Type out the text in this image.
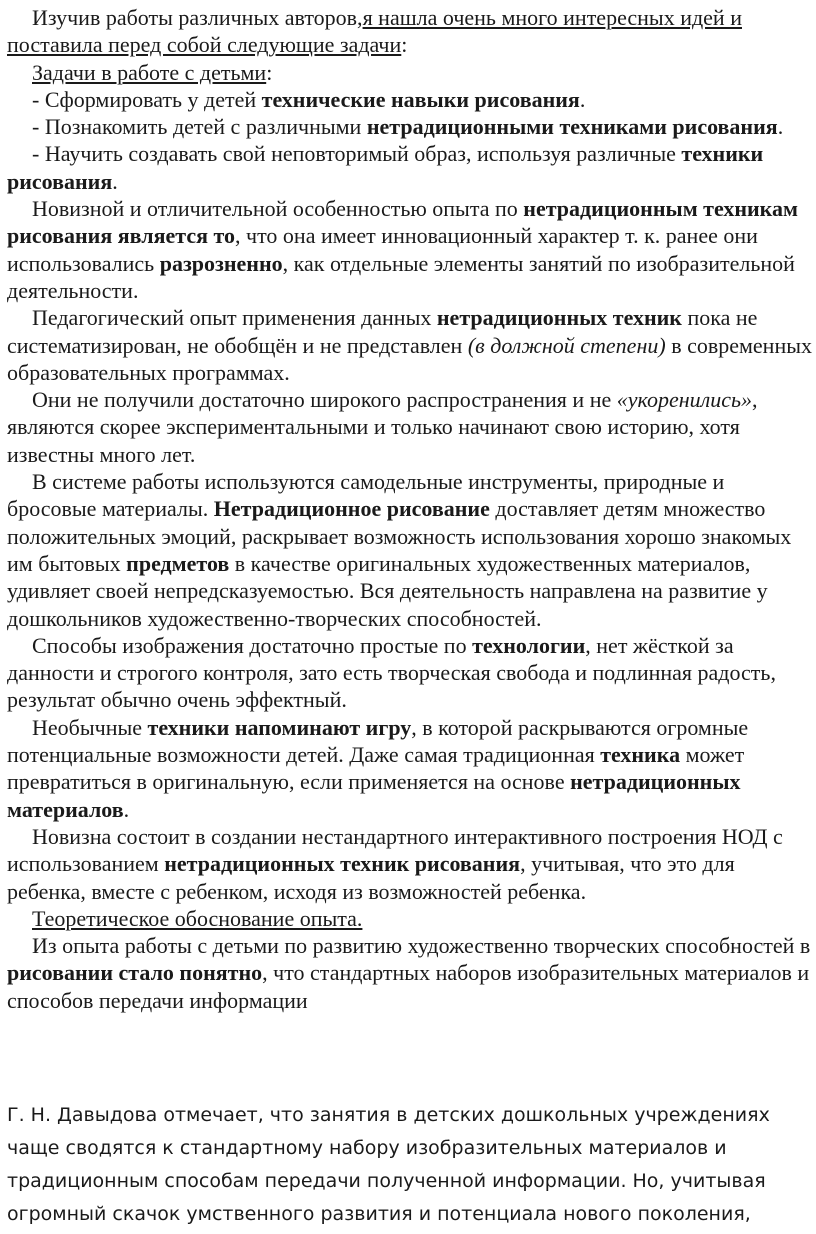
Изучив работы различных авторов,я нашла очень много интересных идей и поставила перед собой следующие задачи:

Задачи в работе с детьми:

- Сформировать у детей технические навыки рисования.

- Познакомить детей с различными нетрадиционными техниками рисования.

- Научить создавать свой неповторимый образ, используя различные техники рисования.

Новизной и отличительной особенностью опыта по нетрадиционным техникам рисования является то, что она имеет инновационный характер т. к. ранее они использовались разрозненно, как отдельные элементы занятий по изобразительной деятельности.

Педагогический опыт применения данных нетрадиционных техник пока не систематизирован, не обобщён и не представлен (в должной степени) в современных образовательных программах.

Они не получили достаточно широкого распространения и не «укоренились», являются скорее экспериментальными и только начинают свою историю, хотя известны много лет.

В системе работы используются самодельные инструменты, природные и бросовые материалы. Нетрадиционное рисование доставляет детям множество положительных эмоций, раскрывает возможность использования хорошо знакомых им бытовых предметов в качестве оригинальных художественных материалов, удивляет своей непредсказуемостью. Вся деятельность направлена на развитие у дошкольников художественно-творческих способностей.

Способы изображения достаточно простые по технологии, нет жёсткой за данности и строгого контроля, зато есть творческая свобода и подлинная радость, результат обычно очень эффектный.

Необычные техники напоминают игру, в которой раскрываются огромные потенциальные возможности детей. Даже самая традиционная техника может превратиться в оригинальную, если применяется на основе нетрадиционных материалов.

Новизна состоит в создании нестандартного интерактивного построения НОД с использованием нетрадиционных техник рисования, учитывая, что это для ребенка, вместе с ребенком, исходя из возможностей ребенка.

Теоретическое обоснование опыта.

Из опыта работы с детьми по развитию художественно творческих способностей в рисовании стало понятно, что стандартных наборов изобразительных материалов и способов передачи информации

Г. Н. Давыдова отмечает, что занятия в детских дошкольных учреждениях
чаще сводятся к стандартному набору изобразительных материалов и
традиционным способам передачи полученной информации. Но, учитывая
огромный скачок умственного развития и потенциала нового поколения,
